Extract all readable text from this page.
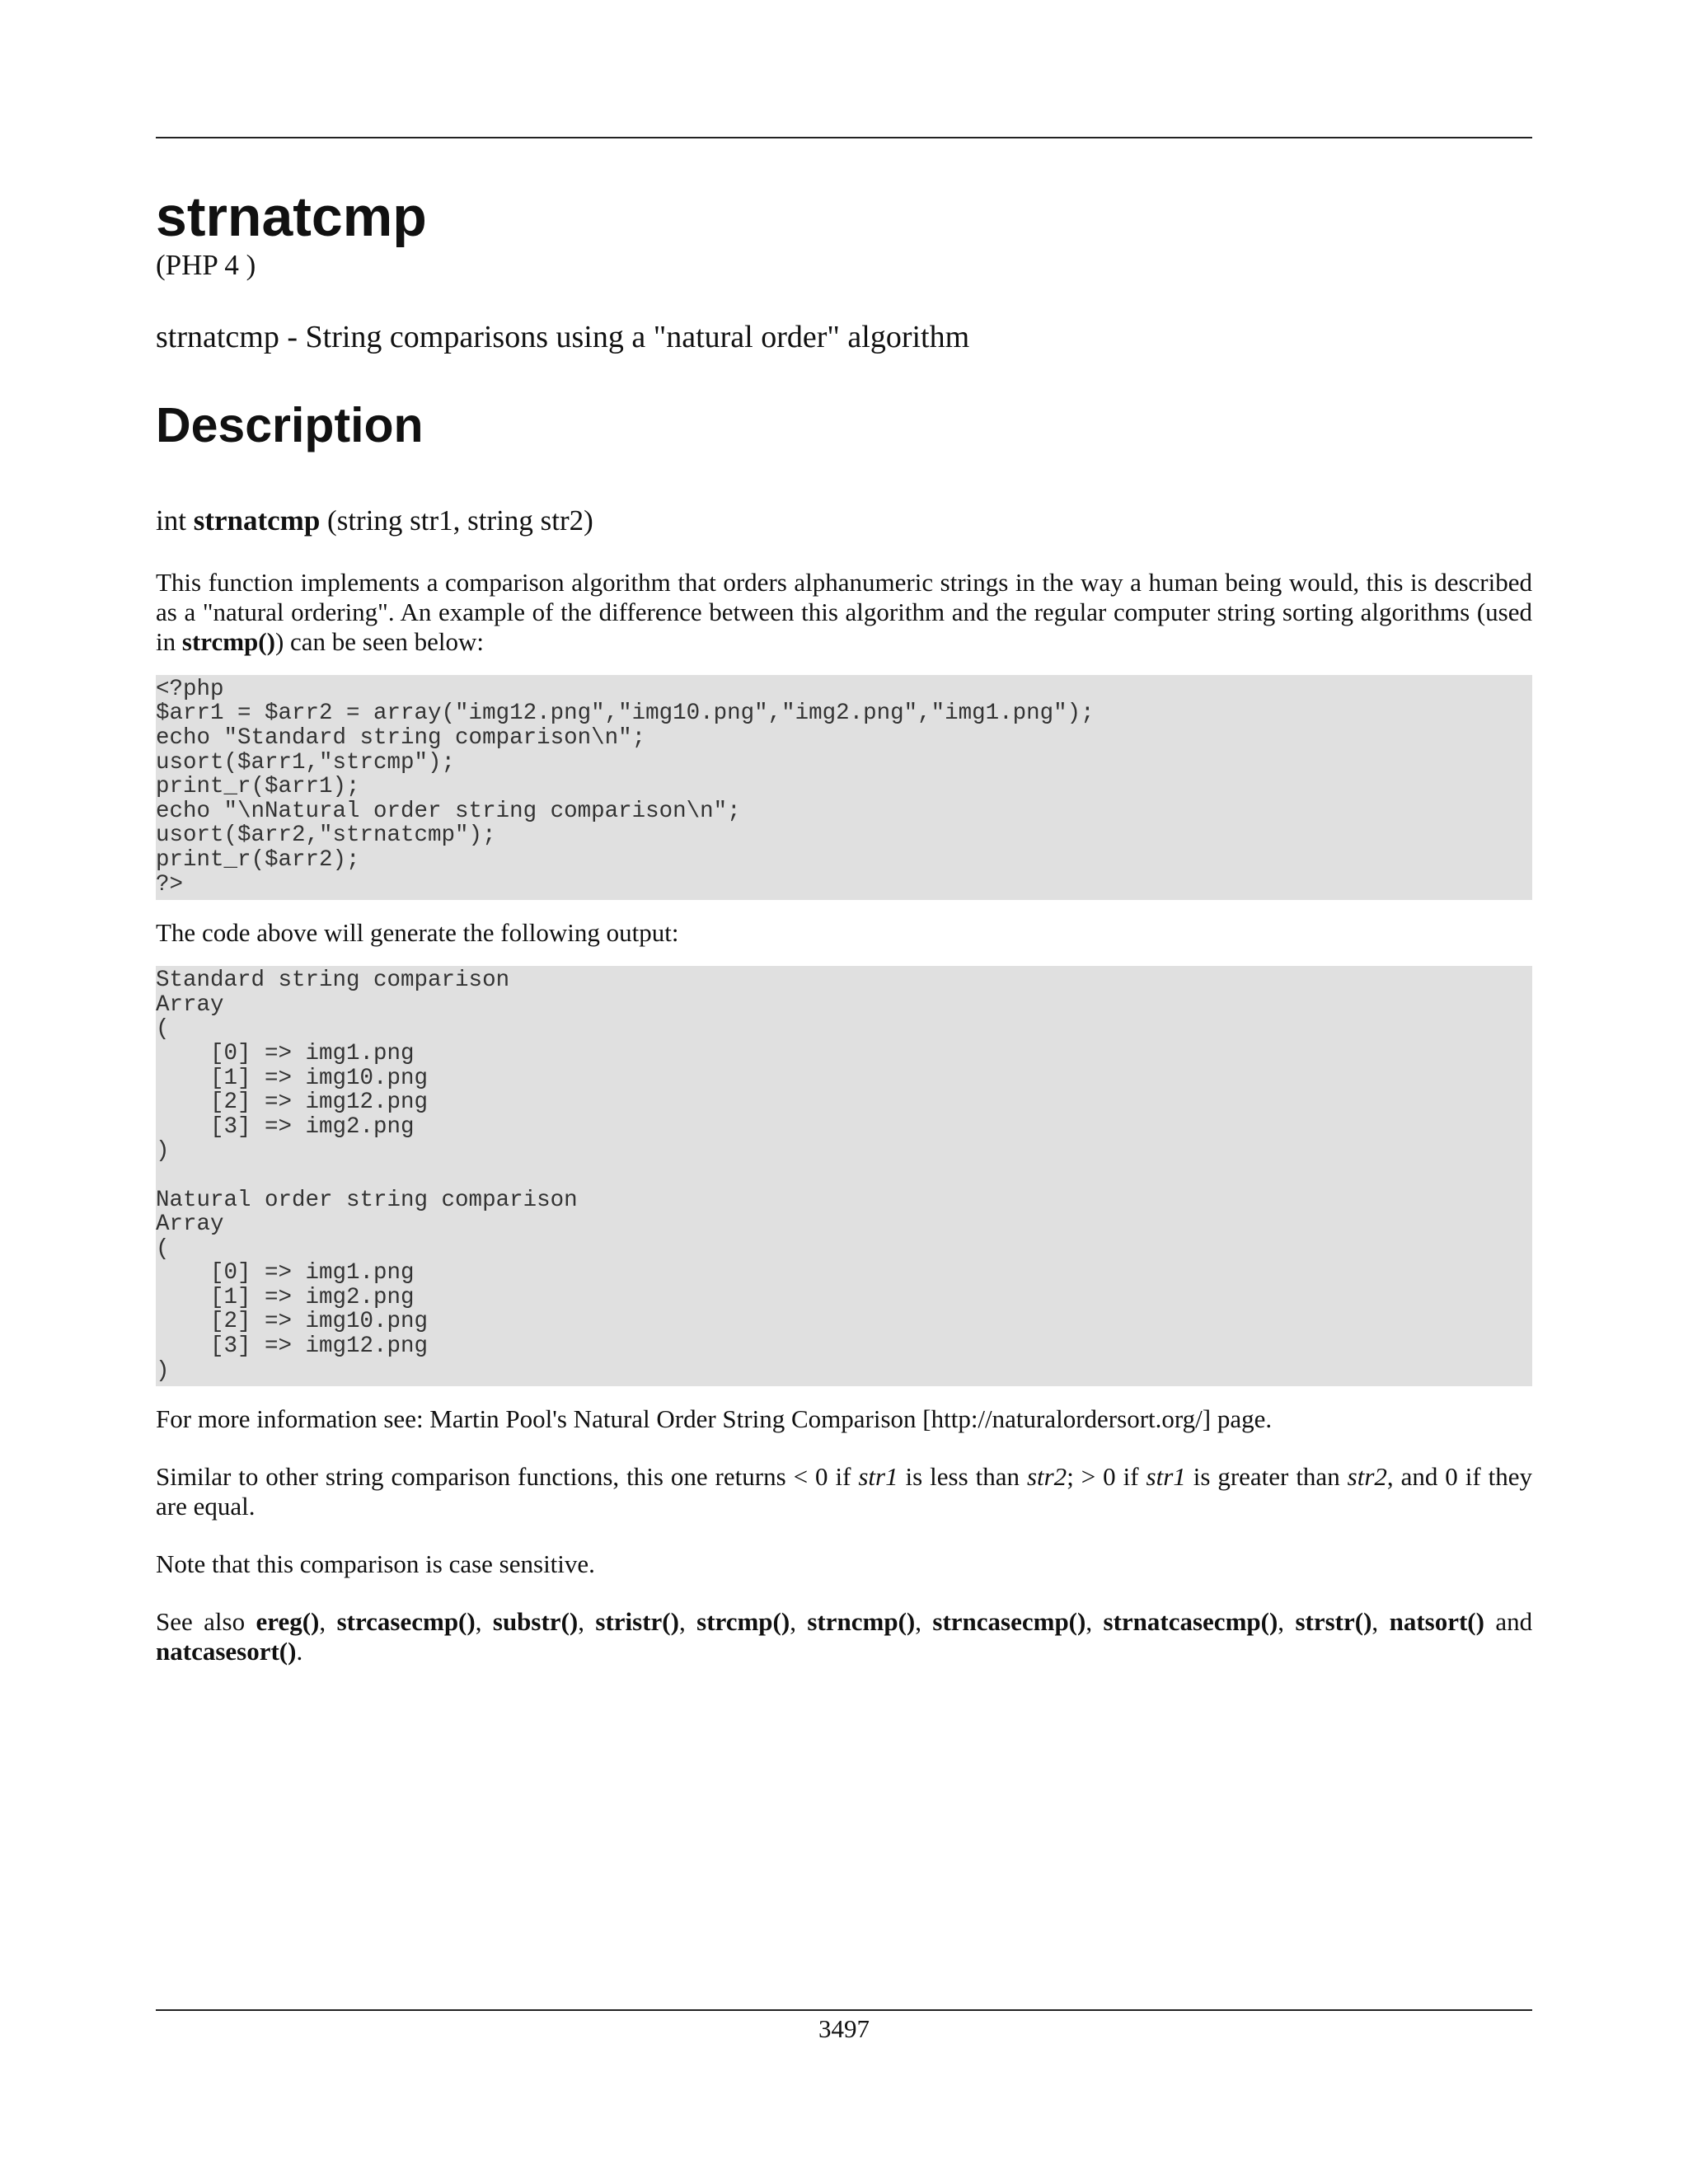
strnatcmp
(PHP 4 )
strnatcmp - String comparisons using a "natural order" algorithm
Description
int strnatcmp (string str1, string str2)

This function implements a comparison algorithm that orders alphanumeric strings in the way a human being would, this is described as a "natural ordering". An example of the difference between this algorithm and the regular computer string sorting algorithms (used in strcmp()) can be seen below:

<?php
$arr1 = $arr2 = array("img12.png","img10.png","img2.png","img1.png");
echo "Standard string comparison\n";
usort($arr1,"strcmp");
print_r($arr1);
echo "\nNatural order string comparison\n";
usort($arr2,"strnatcmp");
print_r($arr2);
?>

The code above will generate the following output:

Standard string comparison
Array
(
[0] => img1.png
[1] => img10.png
[2] => img12.png
[3] => img2.png
)

Natural order string comparison
Array
(
[0] => img1.png
[1] => img2.png
[2] => img10.png
[3] => img12.png
)

For more information see: Martin Pool's Natural Order String Comparison [http://naturalordersort.org/] page.

Similar to other string comparison functions, this one returns < 0 if str1 is less than str2; > 0 if str1 is greater than str2, and 0 if they are equal.

Note that this comparison is case sensitive.

See also ereg(), strcasecmp(), substr(), stristr(), strcmp(), strncmp(), strncasecmp(), strnatcasecmp(), strstr(), natsort() and natcasesort().

3497
